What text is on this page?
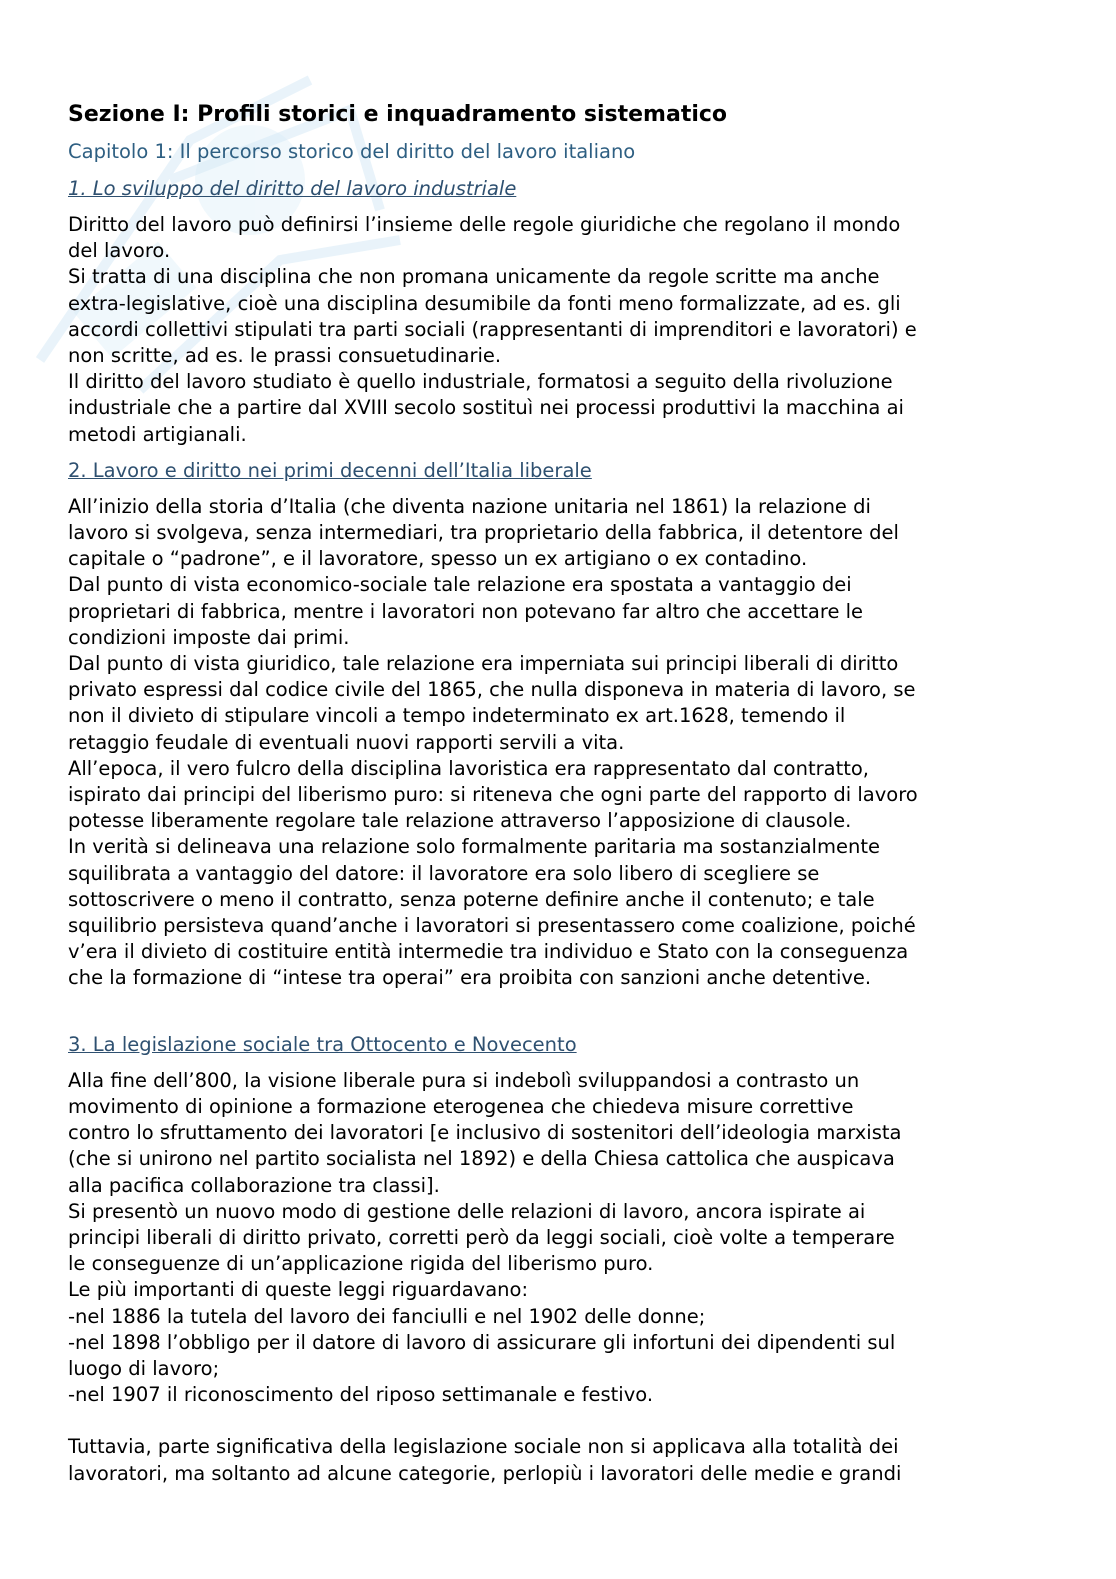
Sezione I: Profili storici e inquadramento sistematico
Capitolo 1: Il percorso storico del diritto del lavoro italiano
1. Lo sviluppo del diritto del lavoro industriale
Diritto del lavoro può definirsi l’insieme delle regole giuridiche che regolano il mondo
del lavoro.
Si tratta di una disciplina che non promana unicamente da regole scritte ma anche
extra-legislative, cioè una disciplina desumibile da fonti meno formalizzate, ad es. gli
accordi collettivi stipulati tra parti sociali (rappresentanti di imprenditori e lavoratori) e
non scritte, ad es. le prassi consuetudinarie.
Il diritto del lavoro studiato è quello industriale, formatosi a seguito della rivoluzione
industriale che a partire dal XVIII secolo sostituì nei processi produttivi la macchina ai
metodi artigianali.
2. Lavoro e diritto nei primi decenni dell’Italia liberale
All’inizio della storia d’Italia (che diventa nazione unitaria nel 1861) la relazione di
lavoro si svolgeva, senza intermediari, tra proprietario della fabbrica, il detentore del
capitale o “padrone”, e il lavoratore, spesso un ex artigiano o ex contadino.
Dal punto di vista economico-sociale tale relazione era spostata a vantaggio dei
proprietari di fabbrica, mentre i lavoratori non potevano far altro che accettare le
condizioni imposte dai primi.
Dal punto di vista giuridico, tale relazione era imperniata sui principi liberali di diritto
privato espressi dal codice civile del 1865, che nulla disponeva in materia di lavoro, se
non il divieto di stipulare vincoli a tempo indeterminato ex art.1628, temendo il
retaggio feudale di eventuali nuovi rapporti servili a vita.
All’epoca, il vero fulcro della disciplina lavoristica era rappresentato dal contratto,
ispirato dai principi del liberismo puro: si riteneva che ogni parte del rapporto di lavoro
potesse liberamente regolare tale relazione attraverso l’apposizione di clausole.
In verità si delineava una relazione solo formalmente paritaria ma sostanzialmente
squilibrata a vantaggio del datore: il lavoratore era solo libero di scegliere se
sottoscrivere o meno il contratto, senza poterne definire anche il contenuto; e tale
squilibrio persisteva quand’anche i lavoratori si presentassero come coalizione, poiché
v’era il divieto di costituire entità intermedie tra individuo e Stato con la conseguenza
che la formazione di “intese tra operai” era proibita con sanzioni anche detentive.
3. La legislazione sociale tra Ottocento e Novecento
Alla fine dell’800, la visione liberale pura si indebolì sviluppandosi a contrasto un
movimento di opinione a formazione eterogenea che chiedeva misure correttive
contro lo sfruttamento dei lavoratori [e inclusivo di sostenitori dell’ideologia marxista
(che si unirono nel partito socialista nel 1892) e della Chiesa cattolica che auspicava
alla pacifica collaborazione tra classi].
Si presentò un nuovo modo di gestione delle relazioni di lavoro, ancora ispirate ai
principi liberali di diritto privato, corretti però da leggi sociali, cioè volte a temperare
le conseguenze di un’applicazione rigida del liberismo puro.
Le più importanti di queste leggi riguardavano:
-nel 1886 la tutela del lavoro dei fanciulli e nel 1902 delle donne;
-nel 1898 l’obbligo per il datore di lavoro di assicurare gli infortuni dei dipendenti sul
luogo di lavoro;
-nel 1907 il riconoscimento del riposo settimanale e festivo.
Tuttavia, parte significativa della legislazione sociale non si applicava alla totalità dei
lavoratori, ma soltanto ad alcune categorie, perlopiù i lavoratori delle medie e grandi
